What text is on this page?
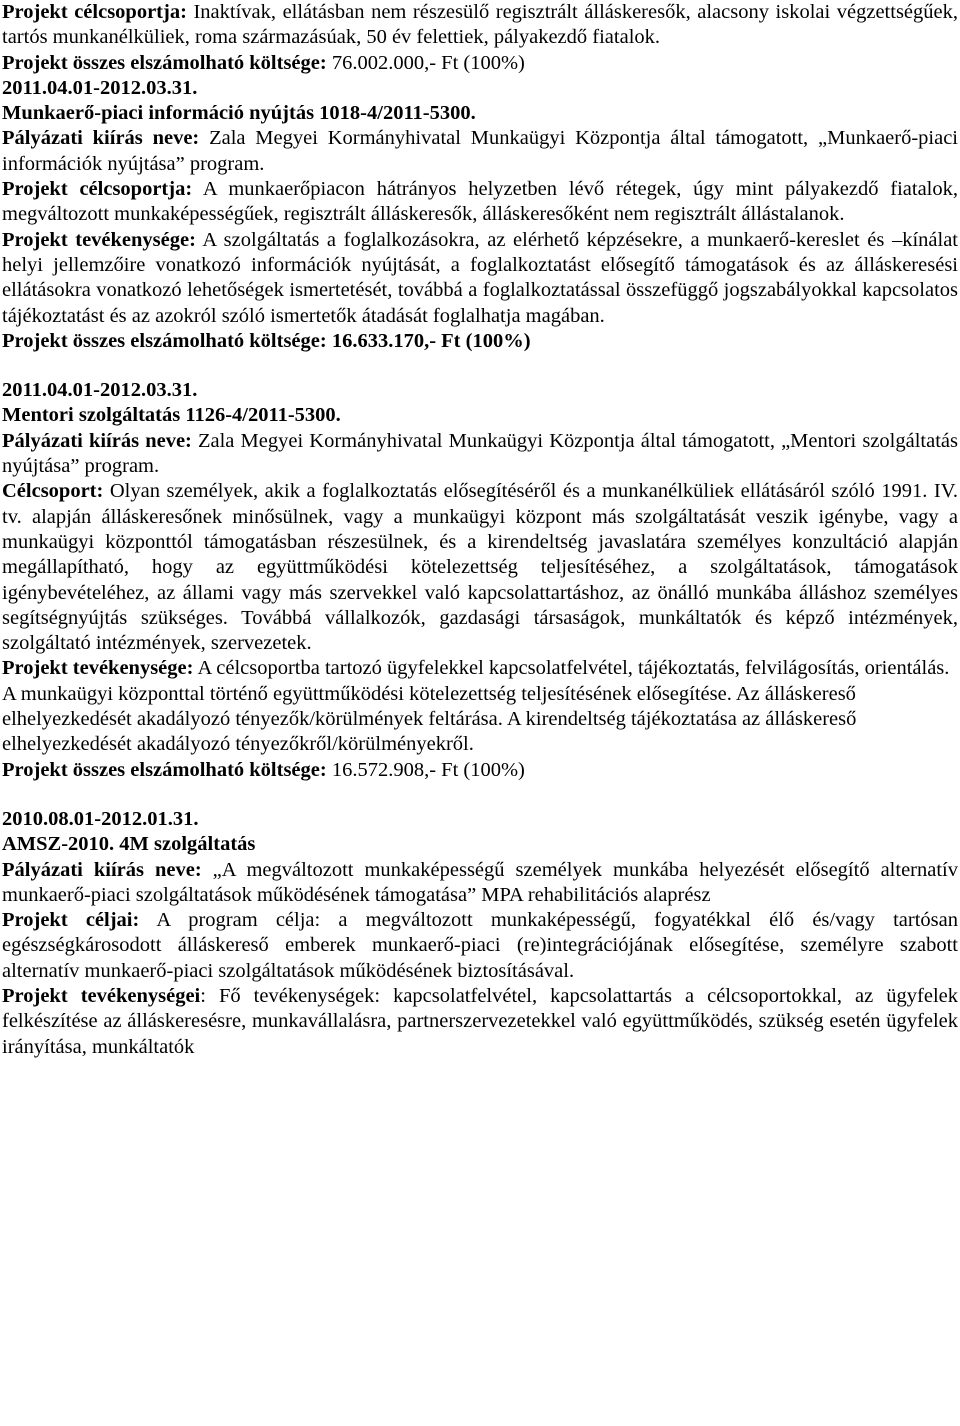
Projekt célcsoportja: Inaktívak, ellátásban nem részesülő regisztrált álláskeresők, alacsony iskolai végzettségűek, tartós munkanélküliek, roma származásúak, 50 év felettiek, pályakezdő fiatalok.

Projekt összes elszámolható költsége: 76.002.000,- Ft (100%)

2011.04.01-2012.03.31.

Munkaerő-piaci információ nyújtás 1018-4/2011-5300.

Pályázati kiírás neve: Zala Megyei Kormányhivatal Munkaügyi Központja által támogatott, „Munkaerő-piaci információk nyújtása” program.

Projekt célcsoportja: A munkaerőpiacon hátrányos helyzetben lévő rétegek, úgy mint pályakezdő fiatalok, megváltozott munkaképességűek, regisztrált álláskeresők, álláskeresőként nem regisztrált állástalanok.

Projekt tevékenysége: A szolgáltatás a foglalkozásokra, az elérhető képzésekre, a munkaerő-kereslet és –kínálat helyi jellemzőire vonatkozó információk nyújtását, a foglalkoztatást elősegítő támogatások és az álláskeresési ellátásokra vonatkozó lehetőségek ismertetését, továbbá a foglalkoztatással összefüggő jogszabályokkal kapcsolatos tájékoztatást és az azokról szóló ismertetők átadását foglalhatja magában.

Projekt összes elszámolható költsége: 16.633.170,- Ft (100%)

2011.04.01-2012.03.31.

Mentori szolgáltatás 1126-4/2011-5300.

Pályázati kiírás neve: Zala Megyei Kormányhivatal Munkaügyi Központja által támogatott, „Mentori szolgáltatás nyújtása” program.

Célcsoport: Olyan személyek, akik a foglalkoztatás elősegítéséről és a munkanélküliek ellátásáról szóló 1991. IV. tv. alapján álláskeresőnek minősülnek, vagy a munkaügyi központ más szolgáltatását veszik igénybe, vagy a munkaügyi központtól támogatásban részesülnek, és a kirendeltség javaslatára személyes konzultáció alapján megállapítható, hogy az együttműködési kötelezettség teljesítéséhez, a szolgáltatások, támogatások igénybevételéhez, az állami vagy más szervekkel való kapcsolattartáshoz, az önálló munkába álláshoz személyes segítségnyújtás szükséges. Továbbá vállalkozók, gazdasági társaságok, munkáltatók és képző intézmények, szolgáltató intézmények, szervezetek.

Projekt tevékenysége: A célcsoportba tartozó ügyfelekkel kapcsolatfelvétel, tájékoztatás, felvilágosítás, orientálás. A munkaügyi központtal történő együttműködési kötelezettség teljesítésének elősegítése. Az álláskereső elhelyezkedését akadályozó tényezők/körülmények feltárása. A kirendeltség tájékoztatása az álláskereső elhelyezkedését akadályozó tényezőkről/körülményekről.

Projekt összes elszámolható költsége: 16.572.908,- Ft (100%)

2010.08.01-2012.01.31.

AMSZ-2010. 4M szolgáltatás

Pályázati kiírás neve: „A megváltozott munkaképességű személyek munkába helyezését elősegítő alternatív munkaerő-piaci szolgáltatások működésének támogatása” MPA rehabilitációs alaprész

Projekt céljai: A program célja: a megváltozott munkaképességű, fogyatékkal élő és/vagy tartósan egészségkárosodott álláskereső emberek munkaerő-piaci (re)integrációjának elősegítése, személyre szabott alternatív munkaerő-piaci szolgáltatások működésének biztosításával.

Projekt tevékenységei: Fő tevékenységek: kapcsolatfelvétel, kapcsolattartás a célcsoportokkal, az ügyfelek felkészítése az álláskeresésre, munkavállalásra, partnerszervezetekkel való együttműködés, szükség esetén ügyfelek irányítása, munkáltatók
